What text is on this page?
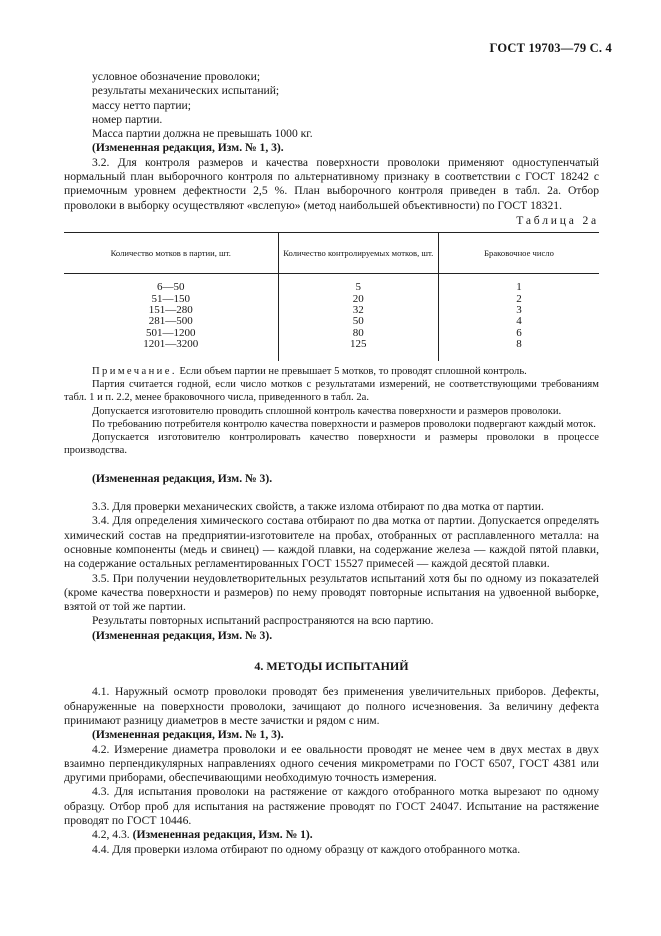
ГОСТ 19703—79 С. 4
условное обозначение проволоки;
результаты механических испытаний;
массу нетто партии;
номер партии.
Масса партии должна не превышать 1000 кг.
(Измененная редакция, Изм. № 1, 3).
3.2. Для контроля размеров и качества поверхности проволоки применяют одноступенчатый нормальный план выборочного контроля по альтернативному признаку в соответствии с ГОСТ 18242 с приемочным уровнем дефектности 2,5 %. План выборочного контроля приведен в табл. 2а. Отбор проволоки в выборку осуществляют «вслепую» (метод наибольшей объективности) по ГОСТ 18321.
Таблица 2а
Количество мотков в партии, шт.	Количество контролируемых мотков, шт.	Браковочное число
6—50	5	1
51—150	20	2
151—280	32	3
281—500	50	4
501—1200	80	6
1201—3200	125	8
Примечание. Если объем партии не превышает 5 мотков, то проводят сплошной контроль.
Партия считается годной, если число мотков с результатами измерений, не соответствующими требованиям табл. 1 и п. 2.2, менее браковочного числа, приведенного в табл. 2а.
Допускается изготовителю проводить сплошной контроль качества поверхности и размеров проволоки.
По требованию потребителя контролю качества поверхности и размеров проволоки подвергают каждый моток.
Допускается изготовителю контролировать качество поверхности и размеры проволоки в процессе производства.
(Измененная редакция, Изм. № 3).
3.3. Для проверки механических свойств, а также излома отбирают по два мотка от партии.
3.4. Для определения химического состава отбирают по два мотка от партии. Допускается определять химический состав на предприятии-изготовителе на пробах, отобранных от расплавленного металла: на основные компоненты (медь и свинец) — каждой плавки, на содержание железа — каждой пятой плавки, на содержание остальных регламентированных ГОСТ 15527 примесей — каждой десятой плавки.
3.5. При получении неудовлетворительных результатов испытаний хотя бы по одному из показателей (кроме качества поверхности и размеров) по нему проводят повторные испытания на удвоенной выборке, взятой от той же партии.
Результаты повторных испытаний распространяются на всю партию.
(Измененная редакция, Изм. № 3).
4. МЕТОДЫ ИСПЫТАНИЙ
4.1. Наружный осмотр проволоки проводят без применения увеличительных приборов. Дефекты, обнаруженные на поверхности проволоки, зачищают до полного исчезновения. За величину дефекта принимают разницу диаметров в месте зачистки и рядом с ним.
(Измененная редакция, Изм. № 1, 3).
4.2. Измерение диаметра проволоки и ее овальности проводят не менее чем в двух местах в двух взаимно перпендикулярных направлениях одного сечения микрометрами по ГОСТ 6507, ГОСТ 4381 или другими приборами, обеспечивающими необходимую точность измерения.
4.3. Для испытания проволоки на растяжение от каждого отобранного мотка вырезают по одному образцу. Отбор проб для испытания на растяжение проводят по ГОСТ 24047. Испытание на растяжение проводят по ГОСТ 10446.
4.2, 4.3. (Измененная редакция, Изм. № 1).
4.4. Для проверки излома отбирают по одному образцу от каждого отобранного мотка.
